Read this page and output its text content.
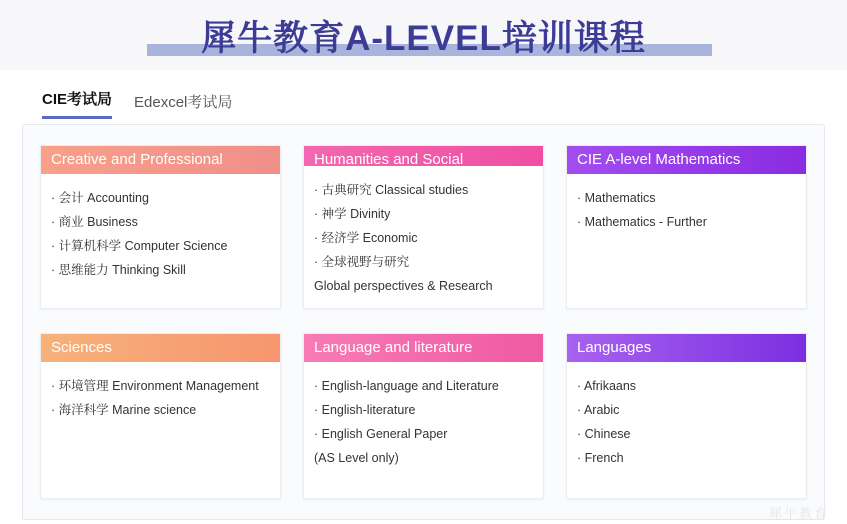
犀牛教育A-LEVEL培训课程
CIE考试局 Edexcel考试局
Creative and Professional
· 会计 Accounting
· 商业 Business
· 计算机科学 Computer Science
· 思维能力 Thinking Skill
Humanities and Social
· 古典研究 Classical studies
· 神学 Divinity
· 经济学 Economic
· 全球视野与研究
Global perspectives & Research
CIE A-level Mathematics
· Mathematics
· Mathematics - Further
Sciences
· 环境管理 Environment Management
· 海洋科学 Marine science
Language and literature
· English-language and Literature
· English-literature
· English General Paper
(AS Level only)
Languages
· Afrikaans
· Arabic
· Chinese
· French
犀牛教育
